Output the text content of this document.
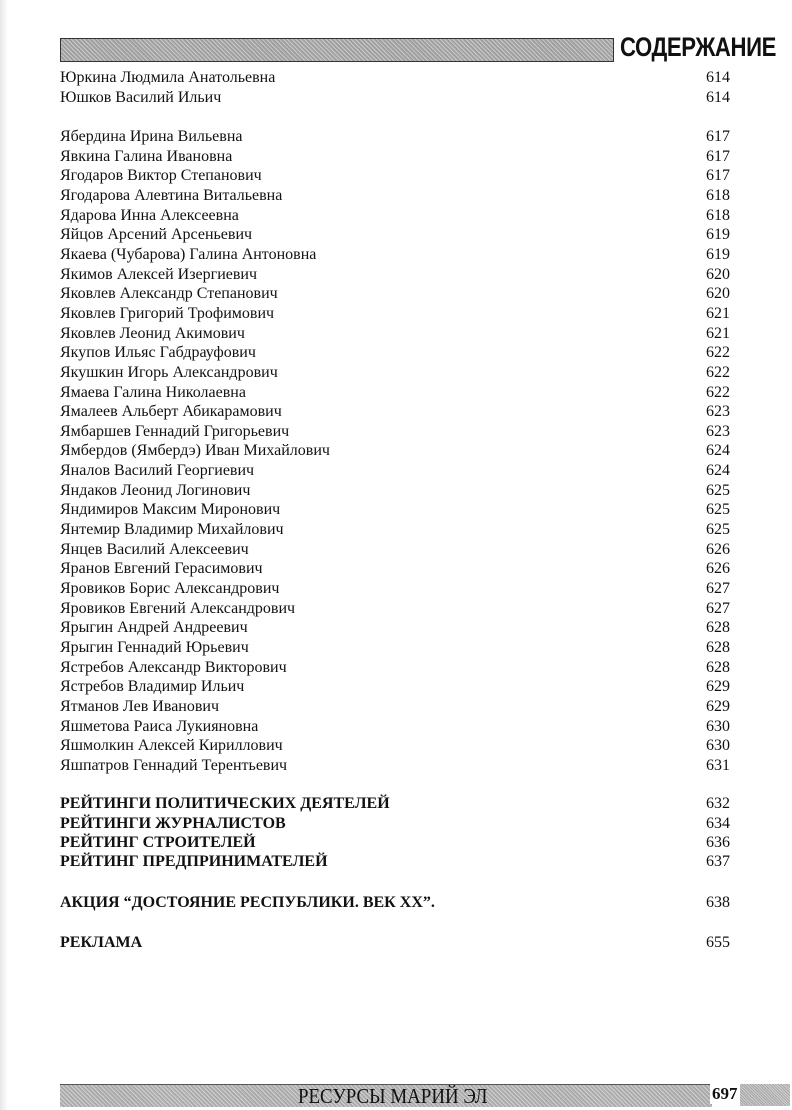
СОДЕРЖАНИЕ
Юркина Людмила Анатольевна	614
Юшков Василий Ильич	614
Ябердина Ирина Вильевна	617
Явкина Галина Ивановна	617
Ягодаров Виктор Степанович	617
Ягодарова Алевтина Витальевна	618
Ядарова Инна Алексеевна	618
Яйцов Арсений Арсеньевич	619
Якаева (Чубарова) Галина Антоновна	619
Якимов Алексей Изергиевич	620
Яковлев Александр Степанович	620
Яковлев Григорий Трофимович	621
Яковлев Леонид Акимович	621
Якупов Ильяс Габдрауфович	622
Якушкин Игорь Александрович	622
Ямаева Галина Николаевна	622
Ямалеев Альберт Абикарамович	623
Ямбаршев Геннадий Григорьевич	623
Ямбердов (Ямбердэ) Иван Михайлович	624
Яналов Василий Георгиевич	624
Яндаков Леонид Логинович	625
Яндимиров Максим Миронович	625
Янтемир Владимир Михайлович	625
Янцев Василий Алексеевич	626
Яранов Евгений Герасимович	626
Яровиков Борис Александрович	627
Яровиков Евгений Александрович	627
Ярыгин Андрей Андреевич	628
Ярыгин Геннадий Юрьевич	628
Ястребов Александр Викторович	628
Ястребов Владимир Ильич	629
Ятманов Лев Иванович	629
Яшметова Раиса Лукияновна	630
Яшмолкин Алексей Кириллович	630
Яшпатров Геннадий Терентьевич	631
РЕЙТИНГИ ПОЛИТИЧЕСКИХ ДЕЯТЕЛЕЙ	632
РЕЙТИНГИ ЖУРНАЛИСТОВ	634
РЕЙТИНГ СТРОИТЕЛЕЙ	636
РЕЙТИНГ ПРЕДПРИНИМАТЕЛЕЙ	637
АКЦИЯ “ДОСТОЯНИЕ РЕСПУБЛИКИ. ВЕК XX”.	638
РЕКЛАМА	655
РЕСУРСЫ МАРИЙ ЭЛ	697
